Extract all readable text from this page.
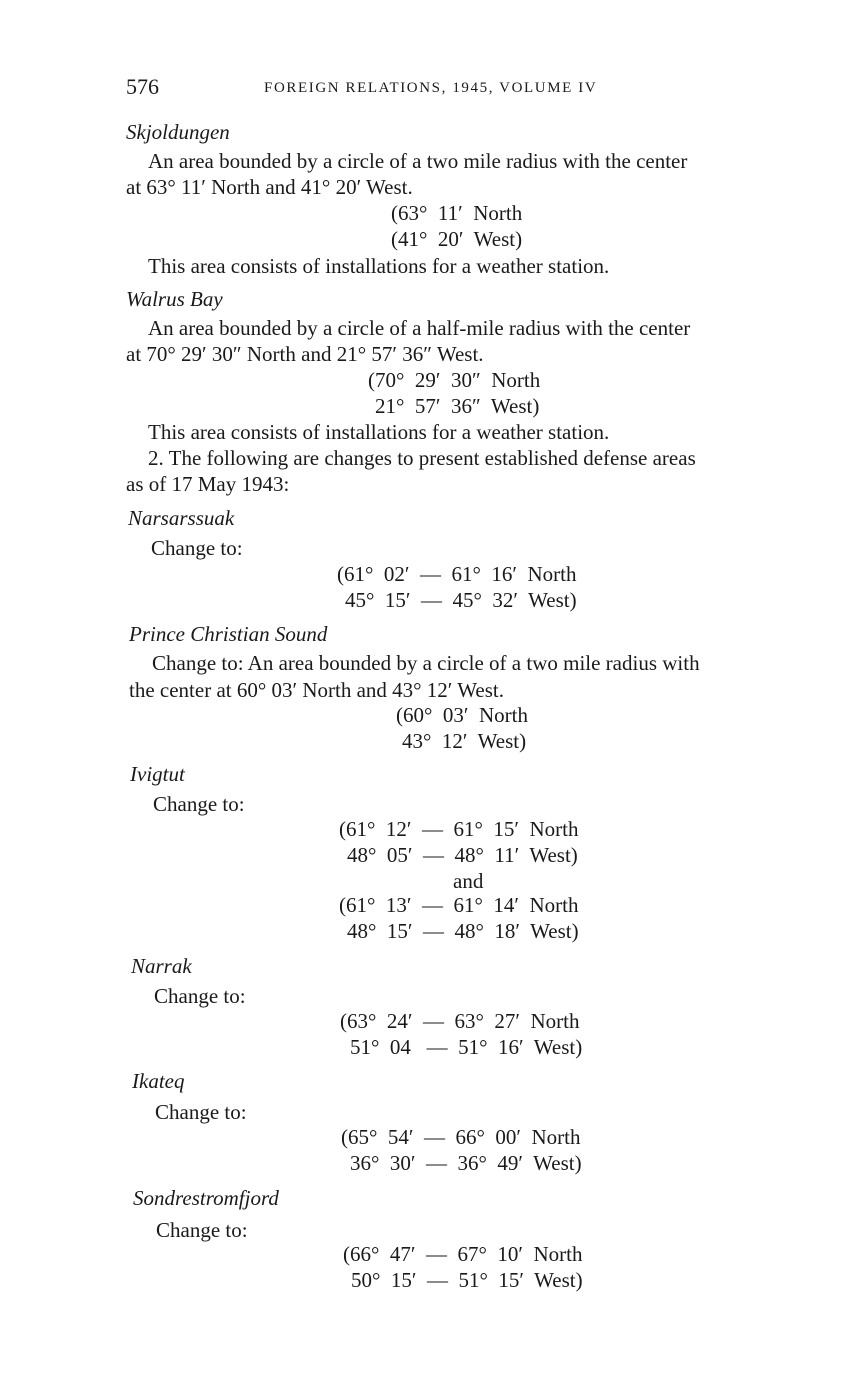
576	FOREIGN RELATIONS, 1945, VOLUME IV
Skjoldungen
An area bounded by a circle of a two mile radius with the center
at 63° 11′ North and 41° 20′ West.
(63°  11′  North
(41°  20′  West)
This area consists of installations for a weather station.
Walrus Bay
An area bounded by a circle of a half-mile radius with the center
at 70° 29′ 30″ North and 21° 57′ 36″ West.
(70°  29′  30″  North
21°  57′  36″  West)
This area consists of installations for a weather station.
2. The following are changes to present established defense areas
as of 17 May 1943:
Narsarssuak
Change to:
(61°  02′  —  61°  16′  North
45°  15′  —  45°  32′  West)
Prince Christian Sound
Change to: An area bounded by a circle of a two mile radius with
the center at 60° 03′ North and 43° 12′ West.
(60°  03′  North
43°  12′  West)
Ivigtut
Change to:
(61°  12′  —  61°  15′  North
48°  05′  —  48°  11′  West)
and
(61°  13′  —  61°  14′  North
48°  15′  —  48°  18′  West)
Narrak
Change to:
(63°  24′  —  63°  27′  North
51°  04   —  51°  16′  West)
Ikateq
Change to:
(65°  54′  —  66°  00′  North
36°  30′  —  36°  49′  West)
Sondrestromfjord
Change to:
(66°  47′  —  67°  10′  North
50°  15′  —  51°  15′  West)
